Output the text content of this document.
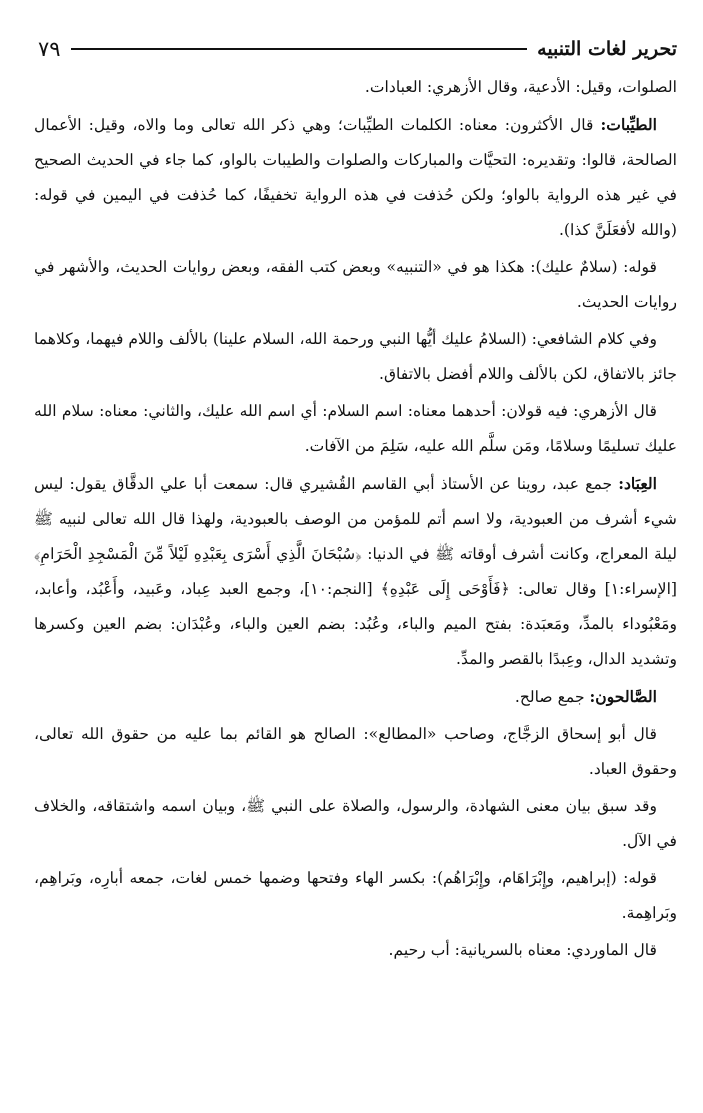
تحرير لغات التنبيه
٧٩

الصلوات، وقيل: الأدعية، وقال الأزهري: العبادات.

الطيِّبات: قال الأكثرون: معناه: الكلمات الطيِّبات؛ وهي ذكر الله تعالى وما والاه، وقيل: الأعمال الصالحة، قالوا: وتقديره: التحيَّات والمباركات والصلوات والطيبات بالواو، كما جاء في الحديث الصحيح في غير هذه الرواية بالواو؛ ولكن حُذفت في هذه الرواية تخفيفًا، كما حُذفت في اليمين في قوله: (والله لأفعَلَنَّ كذا).

قوله: (سلامٌ عليك): هكذا هو في «التنبيه» وبعض كتب الفقه، وبعض روايات الحديث، والأشهر في روايات الحديث.

وفي كلام الشافعي: (السلامُ عليك أيُّها النبي ورحمة الله، السلام علينا) بالألف واللام فيهما، وكلاهما جائز بالاتفاق، لكن بالألف واللام أفضل بالاتفاق.

قال الأزهري: فيه قولان: أحدهما معناه: اسم السلام: أي اسم الله عليك، والثاني: معناه: سلام الله عليك تسليمًا وسلامًا، ومَن سلَّم الله عليه، سَلِمَ من الآفات.

العِبَاد: جمع عبد، روينا عن الأستاذ أبي القاسم القُشيري قال: سمعت أبا علي الدقَّاق يقول: ليس شيء أشرف من العبودية، ولا اسم أتم للمؤمن من الوصف بالعبودية، ولهذا قال الله تعالى لنبيه ﷺ ليلة المعراج، وكانت أشرف أوقاته ﷺ في الدنيا: ﴿سُبْحَانَ الَّذِي أَسْرَى بِعَبْدِهِ لَيْلاً مِّنَ الْمَسْجِدِ الْحَرَامِ﴾ [الإسراء:١] وقال تعالى: ﴿فَأَوْحَى إِلَى عَبْدِهِ﴾ [النجم:١٠]، وجمع العبد عِباد، وعَبيد، وأَعْبُد، وأعابد، ومَعْبُوداء بالمدِّ، ومَعبَدة: بفتح الميم والباء، وعُبُد: بضم العين والباء، وعُبْدَان: بضم العين وكسرها وتشديد الدال، وعِبدًا بالقصر والمدِّ.

الصَّالحون: جمع صالح.

قال أبو إسحاق الزجَّاج، وصاحب «المطالع»: الصالح هو القائم بما عليه من حقوق الله تعالى، وحقوق العباد.

وقد سبق بيان معنى الشهادة، والرسول، والصلاة على النبي ﷺ، وبيان اسمه واشتقاقه، والخلاف في الآل.

قوله: (إبراهيم، وإِبْرَاهَام، وإِبْرَاهُم): بكسر الهاء وفتحها وضمها خمس لغات، جمعه أبارِه، وبَراهِم، وبَراهِمة.

قال الماوردي: معناه بالسريانية: أب رحيم.
